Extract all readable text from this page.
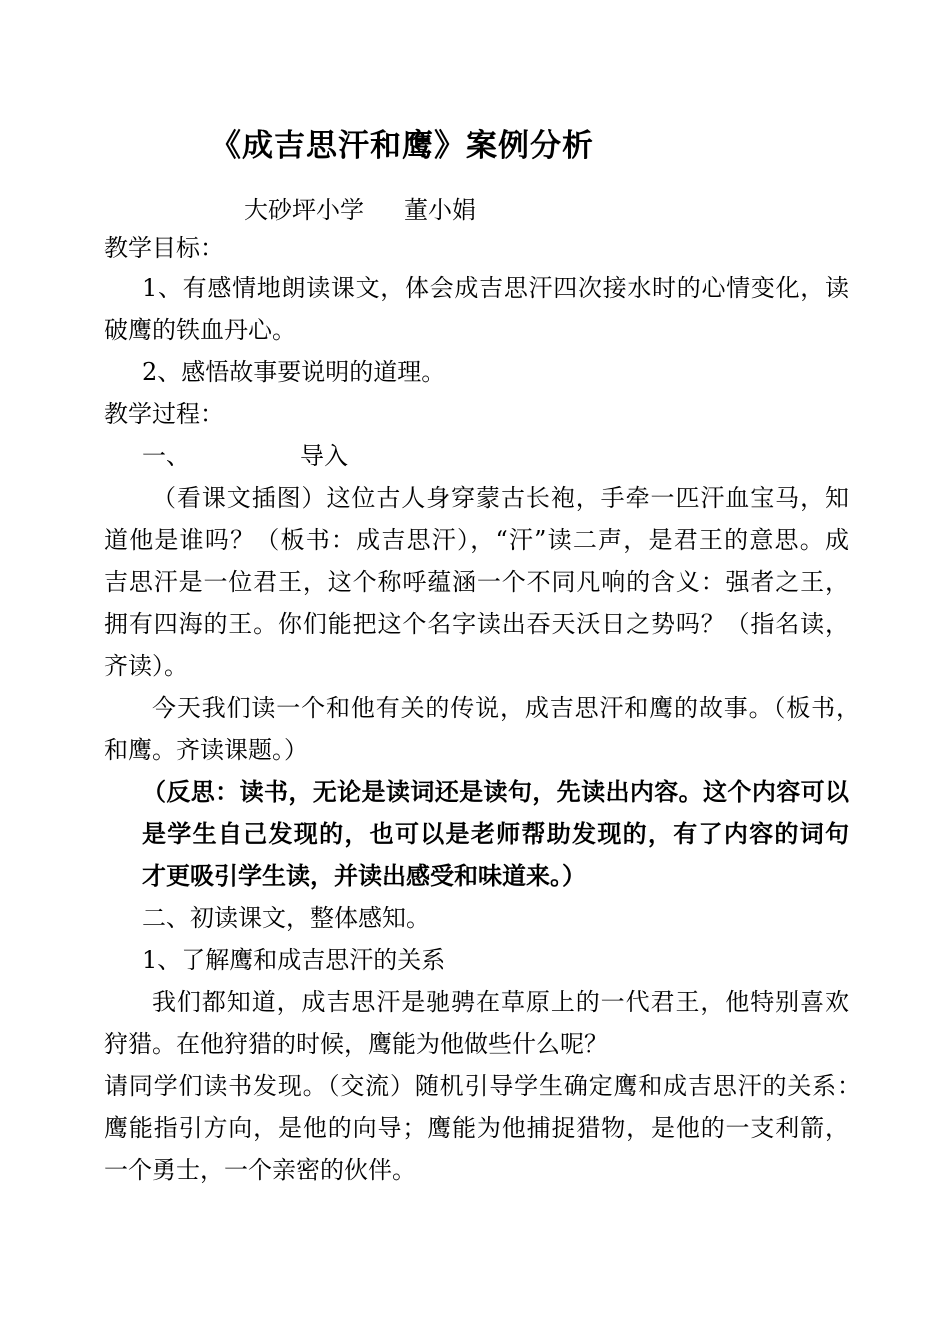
《成吉思汗和鹰》案例分析
大砂坪小学 董小娟
教学目标：
1、有感情地朗读课文，体会成吉思汗四次接水时的心情变化，读
破鹰的铁血丹心。
2、感悟故事要说明的道理。
教学过程：
一、	导入
（看课文插图）这位古人身穿蒙古长袍，手牵一匹汗血宝马，知
道他是谁吗？（板书：成吉思汗），“汗”读二声，是君王的意思。成
吉思汗是一位君王，这个称呼蕴涵一个不同凡响的含义：强者之王，
拥有四海的王。你们能把这个名字读出吞天沃日之势吗？（指名读，
齐读）。
今天我们读一个和他有关的传说，成吉思汗和鹰的故事。（板书，
和鹰。齐读课题。）
（反思：读书，无论是读词还是读句，先读出内容。这个内容可以
是学生自己发现的，也可以是老师帮助发现的，有了内容的词句
才更吸引学生读，并读出感受和味道来。）
二、初读课文，整体感知。
1、了解鹰和成吉思汗的关系
我们都知道，成吉思汗是驰骋在草原上的一代君王，他特别喜欢
狩猎。在他狩猎的时候，鹰能为他做些什么呢？
请同学们读书发现。（交流）随机引导学生确定鹰和成吉思汗的关系：
鹰能指引方向，是他的向导；鹰能为他捕捉猎物，是他的一支利箭，
一个勇士，一个亲密的伙伴。
